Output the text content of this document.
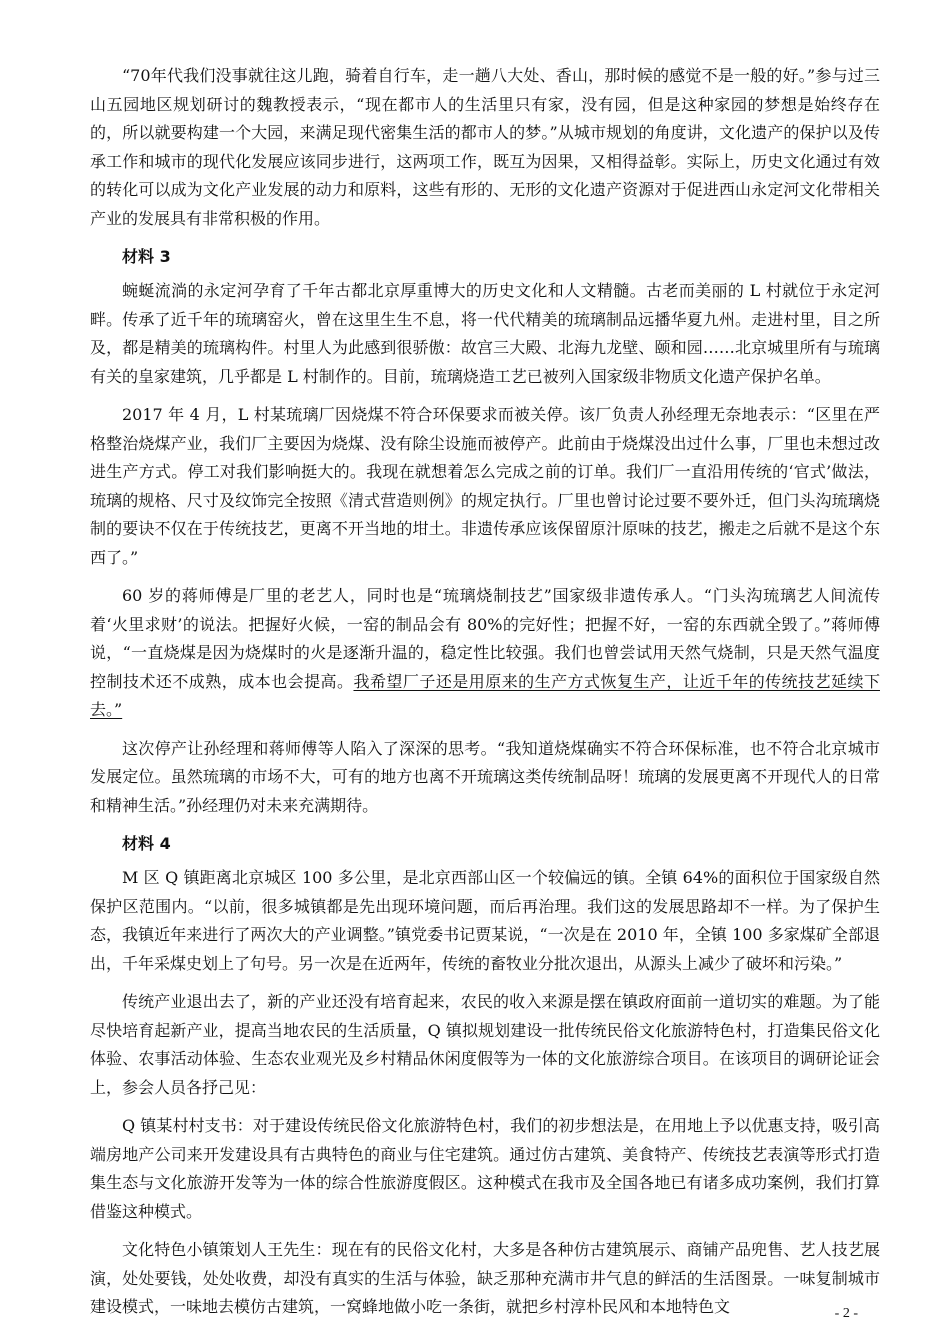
“70年代我们没事就往这儿跑，骑着自行车，走一趟八大处、香山，那时候的感觉不是一般的好。”参与过三山五园地区规划研讨的魏教授表示，“现在都市人的生活里只有家，没有园，但是这种家园的梦想是始终存在的，所以就要构建一个大园，来满足现代密集生活的都市人的梦。”从城市规划的角度讲，文化遗产的保护以及传承工作和城市的现代化发展应该同步进行，这两项工作，既互为因果，又相得益彰。实际上，历史文化通过有效的转化可以成为文化产业发展的动力和原料，这些有形的、无形的文化遗产资源对于促进西山永定河文化带相关产业的发展具有非常积极的作用。

材料 3

蜿蜒流淌的永定河孕育了千年古都北京厚重博大的历史文化和人文精髓。古老而美丽的 L 村就位于永定河畔。传承了近千年的琉璃窑火，曾在这里生生不息，将一代代精美的琉璃制品远播华夏九州。走进村里，目之所及，都是精美的琉璃构件。村里人为此感到很骄傲：故宫三大殿、北海九龙壁、颐和园……北京城里所有与琉璃有关的皇家建筑，几乎都是 L 村制作的。目前，琉璃烧造工艺已被列入国家级非物质文化遗产保护名单。

2017 年 4 月，L 村某琉璃厂因烧煤不符合环保要求而被关停。该厂负责人孙经理无奈地表示：“区里在严格整治烧煤产业，我们厂主要因为烧煤、没有除尘设施而被停产。此前由于烧煤没出过什么事，厂里也未想过改进生产方式。停工对我们影响挺大的。我现在就想着怎么完成之前的订单。我们厂一直沿用传统的‘官式’做法，琉璃的规格、尺寸及纹饰完全按照《清式营造则例》的规定执行。厂里也曾讨论过要不要外迁，但门头沟琉璃烧制的要诀不仅在于传统技艺，更离不开当地的坩土。非遗传承应该保留原汁原味的技艺，搬走之后就不是这个东西了。”

60 岁的蒋师傅是厂里的老艺人，同时也是“琉璃烧制技艺”国家级非遗传承人。“门头沟琉璃艺人间流传着‘火里求财’的说法。把握好火候，一窑的制品会有 80%的完好性；把握不好，一窑的东西就全毁了。”蒋师傅说，“一直烧煤是因为烧煤时的火是逐渐升温的，稳定性比较强。我们也曾尝试用天然气烧制，只是天然气温度控制技术还不成熟，成本也会提高。我希望厂子还是用原来的生产方式恢复生产，让近千年的传统技艺延续下去。”

这次停产让孙经理和蒋师傅等人陷入了深深的思考。“我知道烧煤确实不符合环保标准，也不符合北京城市发展定位。虽然琉璃的市场不大，可有的地方也离不开琉璃这类传统制品呀！琉璃的发展更离不开现代人的日常和精神生活。”孙经理仍对未来充满期待。

材料 4

M 区 Q 镇距离北京城区 100 多公里，是北京西部山区一个较偏远的镇。全镇 64%的面积位于国家级自然保护区范围内。“以前，很多城镇都是先出现环境问题，而后再治理。我们这的发展思路却不一样。为了保护生态，我镇近年来进行了两次大的产业调整。”镇党委书记贾某说，“一次是在 2010 年，全镇 100 多家煤矿全部退出，千年采煤史划上了句号。另一次是在近两年，传统的畜牧业分批次退出，从源头上减少了破坏和污染。”

传统产业退出去了，新的产业还没有培育起来，农民的收入来源是摆在镇政府面前一道切实的难题。为了能尽快培育起新产业，提高当地农民的生活质量，Q 镇拟规划建设一批传统民俗文化旅游特色村，打造集民俗文化体验、农事活动体验、生态农业观光及乡村精品休闲度假等为一体的文化旅游综合项目。在该项目的调研论证会上，参会人员各抒己见：

Q 镇某村村支书：对于建设传统民俗文化旅游特色村，我们的初步想法是，在用地上予以优惠支持，吸引高端房地产公司来开发建设具有古典特色的商业与住宅建筑。通过仿古建筑、美食特产、传统技艺表演等形式打造集生态与文化旅游开发等为一体的综合性旅游度假区。这种模式在我市及全国各地已有诸多成功案例，我们打算借鉴这种模式。

文化特色小镇策划人王先生：现在有的民俗文化村，大多是各种仿古建筑展示、商铺产品兜售、艺人技艺展演，处处要钱，处处收费，却没有真实的生活与体验，缺乏那种充满市井气息的鲜活的生活图景。一味复制城市建设模式，一味地去模仿古建筑，一窝蜂地做小吃一条街，就把乡村淳朴民风和本地特色文	- 2 -
